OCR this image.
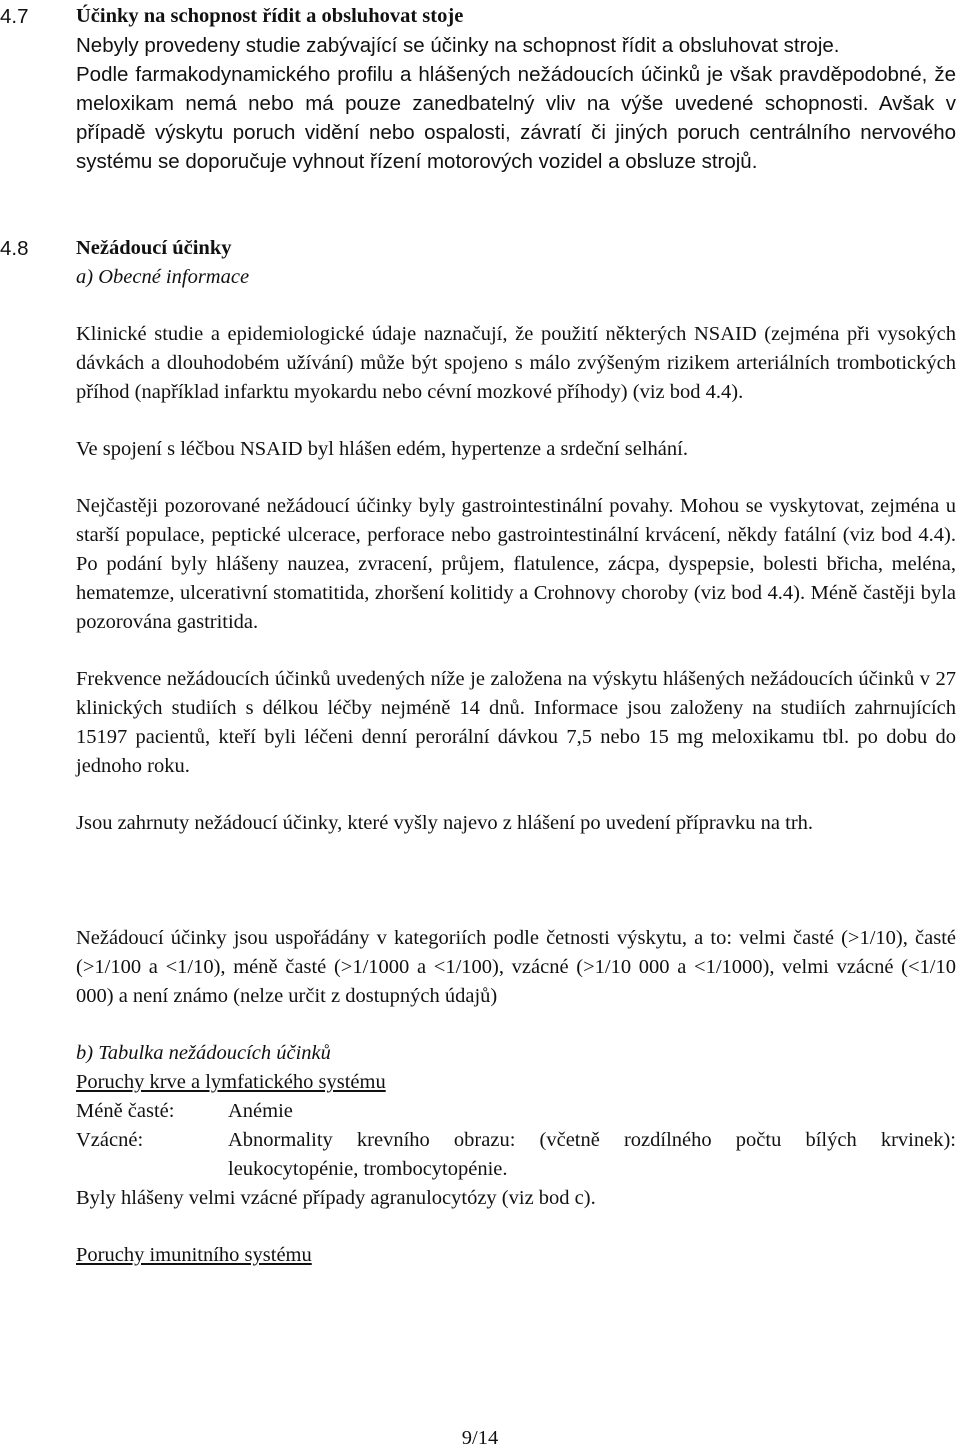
4.7 Účinky na schopnost řídit a obsluhovat stoje

Nebyly provedeny studie zabývající se účinky na schopnost řídit a obsluhovat stroje.

Podle farmakodynamického profilu a hlášených nežádoucích účinků je však pravděpodobné, že meloxikam nemá nebo má pouze zanedbatelný vliv na výše uvedené schopnosti. Avšak v případě výskytu poruch vidění nebo ospalosti, závratí či jiných poruch centrálního nervového systému se doporučuje vyhnout řízení motorových vozidel a obsluze strojů.

4.8 Nežádoucí účinky

a) Obecné informace

Klinické studie a epidemiologické údaje naznačují, že použití některých NSAID (zejména při vysokých dávkách a dlouhodobém užívání) může být spojeno s málo zvýšeným rizikem arteriálních trombotických příhod (například infarktu myokardu nebo cévní mozkové příhody) (viz bod 4.4).

Ve spojení s léčbou NSAID byl hlášen edém, hypertenze a srdeční selhání.

Nejčastěji pozorované nežádoucí účinky byly gastrointestinální povahy. Mohou se vyskytovat, zejména u starší populace, peptické ulcerace, perforace nebo gastrointestinální krvácení, někdy fatální (viz bod 4.4). Po podání byly hlášeny nauzea, zvracení, průjem, flatulence, zácpa, dyspepsie, bolesti břicha, meléna, hematemze, ulcerativní stomatitida, zhoršení kolitidy a Crohnovy choroby (viz bod 4.4). Méně častěji byla pozorována gastritida.

Frekvence nežádoucích účinků uvedených níže je založena na výskytu hlášených nežádoucích účinků v 27 klinických studiích s délkou léčby nejméně 14 dnů. Informace jsou založeny na studiích zahrnujících 15197 pacientů, kteří byli léčeni denní perorální dávkou 7,5 nebo 15 mg meloxikamu tbl. po dobu do jednoho roku.

Jsou zahrnuty nežádoucí účinky, které vyšly najevo z hlášení po uvedení přípravku na trh.

Nežádoucí účinky jsou uspořádány v kategoriích podle četnosti výskytu, a to: velmi časté (>1/10), časté (>1/100 a <1/10), méně časté (>1/1000 a <1/100), vzácné (>1/10 000 a <1/1000), velmi vzácné (<1/10 000) a není známo (nelze určit z dostupných údajů)

b) Tabulka nežádoucích účinků

Poruchy krve a lymfatického systému

Méně časté:	Anémie
Vzácné:	Abnormality krevního obrazu: (včetně rozdílného počtu bílých krvinek): leukocytopénie, trombocytopénie.

Byly hlášeny velmi vzácné případy agranulocytózy (viz bod c).

Poruchy imunitního systému

9/14
